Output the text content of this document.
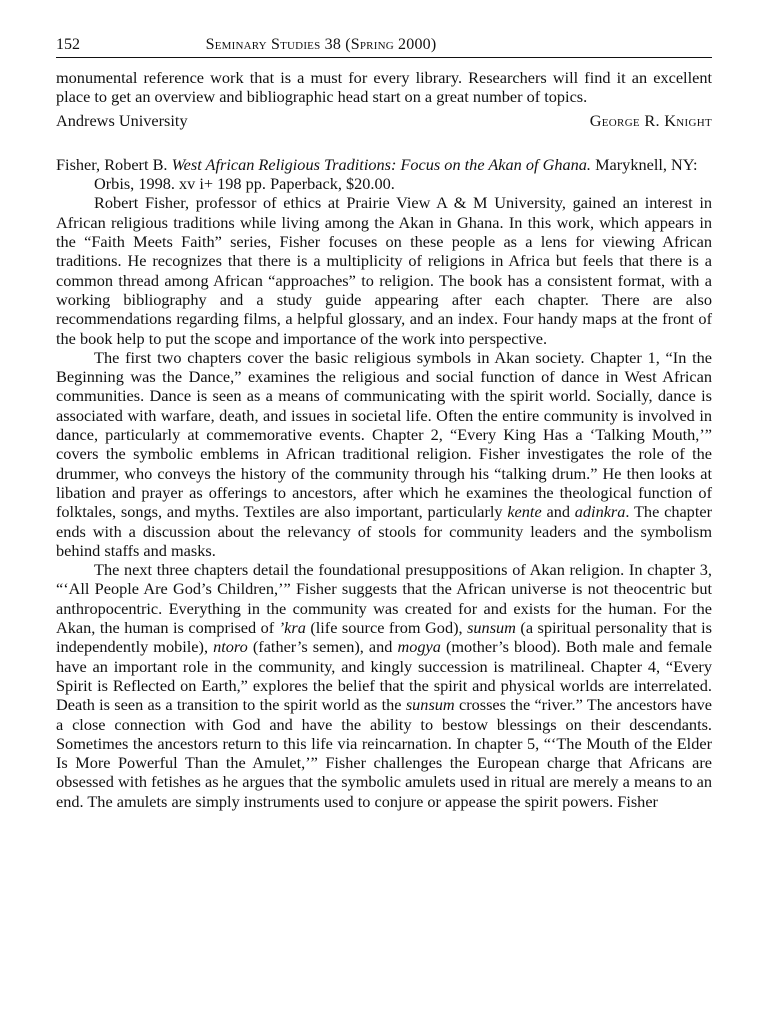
152	Seminary Studies 38 (Spring 2000)

monumental reference work that is a must for every library. Researchers will find it an excellent place to get an overview and bibliographic head start on a great number of topics.

Andrews University	George R. Knight

Fisher, Robert B. West African Religious Traditions: Focus on the Akan of Ghana. Maryknell, NY: Orbis, 1998. xv i+ 198 pp. Paperback, $20.00.

Robert Fisher, professor of ethics at Prairie View A & M University, gained an interest in African religious traditions while living among the Akan in Ghana. In this work, which appears in the “Faith Meets Faith” series, Fisher focuses on these people as a lens for viewing African traditions. He recognizes that there is a multiplicity of religions in Africa but feels that there is a common thread among African “approaches” to religion. The book has a consistent format, with a working bibliography and a study guide appearing after each chapter. There are also recommendations regarding films, a helpful glossary, and an index. Four handy maps at the front of the book help to put the scope and importance of the work into perspective.

The first two chapters cover the basic religious symbols in Akan society. Chapter 1, “In the Beginning was the Dance,” examines the religious and social function of dance in West African communities. Dance is seen as a means of communicating with the spirit world. Socially, dance is associated with warfare, death, and issues in societal life. Often the entire community is involved in dance, particularly at commemorative events. Chapter 2, “Every King Has a ‘Talking Mouth,’” covers the symbolic emblems in African traditional religion. Fisher investigates the role of the drummer, who conveys the history of the community through his “talking drum.” He then looks at libation and prayer as offerings to ancestors, after which he examines the theological function of folktales, songs, and myths. Textiles are also important, particularly kente and adinkra. The chapter ends with a discussion about the relevancy of stools for community leaders and the symbolism behind staffs and masks.

The next three chapters detail the foundational presuppositions of Akan religion. In chapter 3, “‘All People Are God’s Children,’” Fisher suggests that the African universe is not theocentric but anthropocentric. Everything in the community was created for and exists for the human. For the Akan, the human is comprised of ’kra (life source from God), sunsum (a spiritual personality that is independently mobile), ntoro (father’s semen), and mogya (mother’s blood). Both male and female have an important role in the community, and kingly succession is matrilineal. Chapter 4, “Every Spirit is Reflected on Earth,” explores the belief that the spirit and physical worlds are interrelated. Death is seen as a transition to the spirit world as the sunsum crosses the “river.” The ancestors have a close connection with God and have the ability to bestow blessings on their descendants. Sometimes the ancestors return to this life via reincarnation. In chapter 5, “‘The Mouth of the Elder Is More Powerful Than the Amulet,’” Fisher challenges the European charge that Africans are obsessed with fetishes as he argues that the symbolic amulets used in ritual are merely a means to an end. The amulets are simply instruments used to conjure or appease the spirit powers. Fisher
